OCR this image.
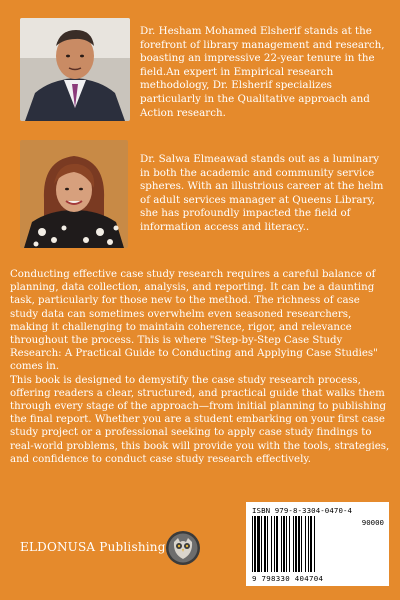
Dr. Hesham Mohamed Elsherif stands at the forefront of library management and research, boasting an impressive 22-year tenure in the field.An expert in Empirical research methodology, Dr. Elsherif specializes particularly in the Qualitative approach and Action research.

Dr. Salwa Elmeawad stands out as a luminary in both the academic and community service spheres. With an illustrious career at the helm of adult services manager at Queens Library, she has profoundly impacted the field of information access and literacy..

Conducting effective case study research requires a careful balance of planning, data collection, analysis, and reporting. It can be a daunting task, particularly for those new to the method. The richness of case study data can sometimes overwhelm even seasoned researchers, making it challenging to maintain coherence, rigor, and relevance throughout the process. This is where "Step-by-Step Case Study Research: A Practical Guide to Conducting and Applying Case Studies" comes in.

This book is designed to demystify the case study research process, offering readers a clear, structured, and practical guide that walks them through every stage of the approach—from initial planning to publishing the final report. Whether you are a student embarking on your first case study project or a professional seeking to apply case study findings to real-world problems, this book will provide you with the tools, strategies, and confidence to conduct case study research effectively.

ELDONUSA Publishing
ISBN 979-8-3304-0470-4
90000
9 798330 404704
